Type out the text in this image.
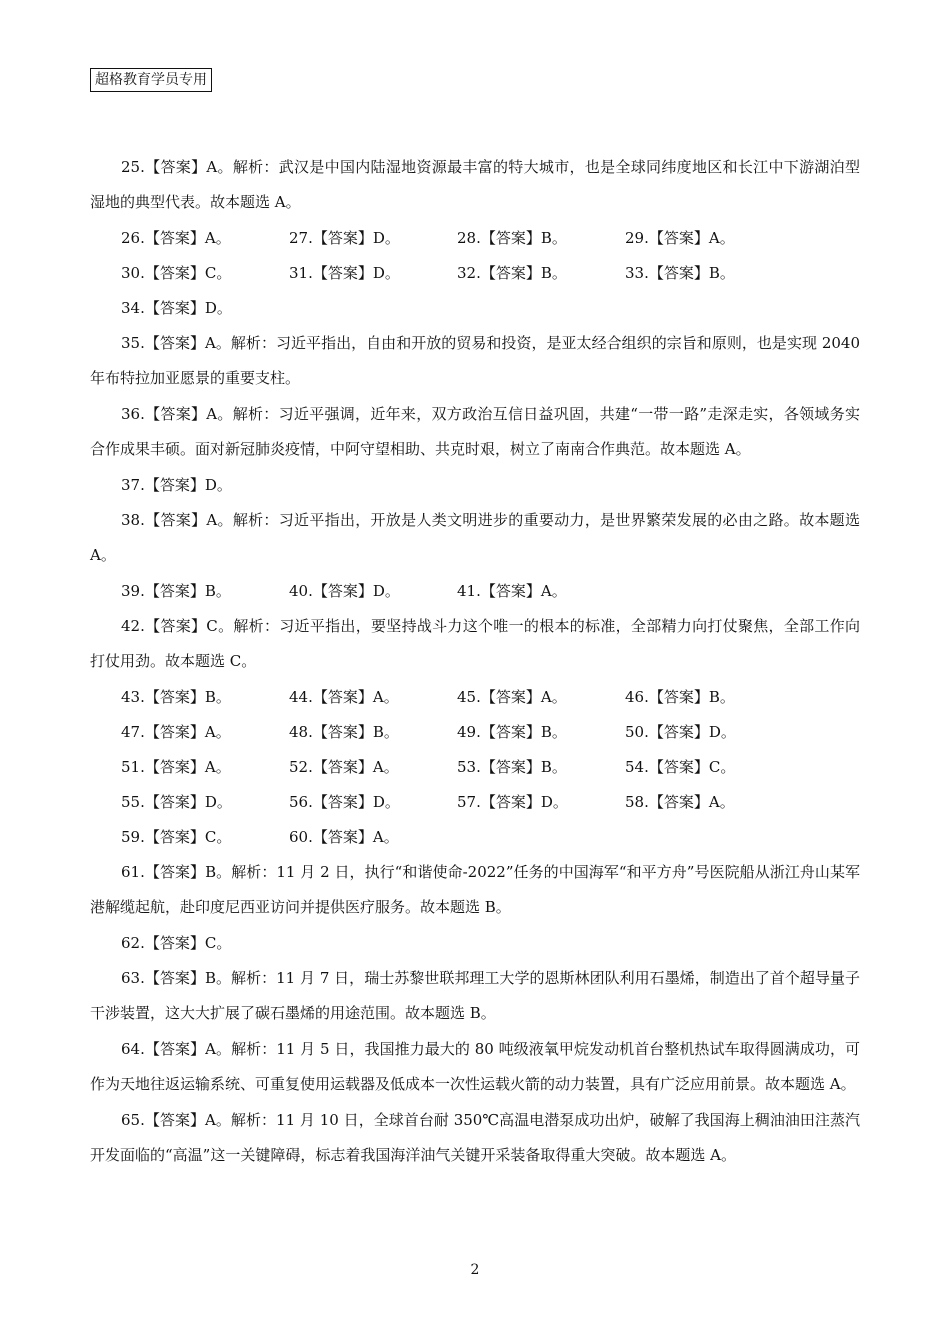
超格教育学员专用

25.【答案】A。解析：武汉是中国内陆湿地资源最丰富的特大城市，也是全球同纬度地区和长江中下游湖泊型湿地的典型代表。故本题选 A。

26.【答案】A。	27.【答案】D。	28.【答案】B。	29.【答案】A。
30.【答案】C。	31.【答案】D。	32.【答案】B。	33.【答案】B。
34.【答案】D。

35.【答案】A。解析：习近平指出，自由和开放的贸易和投资，是亚太经合组织的宗旨和原则，也是实现 2040 年布特拉加亚愿景的重要支柱。

36.【答案】A。解析：习近平强调，近年来，双方政治互信日益巩固，共建“一带一路”走深走实，各领域务实合作成果丰硕。面对新冠肺炎疫情，中阿守望相助、共克时艰，树立了南南合作典范。故本题选 A。

37.【答案】D。

38.【答案】A。解析：习近平指出，开放是人类文明进步的重要动力，是世界繁荣发展的必由之路。故本题选 A。

39.【答案】B。	40.【答案】D。	41.【答案】A。

42.【答案】C。解析：习近平指出，要坚持战斗力这个唯一的根本的标准，全部精力向打仗聚焦，全部工作向打仗用劲。故本题选 C。

43.【答案】B。	44.【答案】A。	45.【答案】A。	46.【答案】B。
47.【答案】A。	48.【答案】B。	49.【答案】B。	50.【答案】D。
51.【答案】A。	52.【答案】A。	53.【答案】B。	54.【答案】C。
55.【答案】D。	56.【答案】D。	57.【答案】D。	58.【答案】A。
59.【答案】C。	60.【答案】A。

61.【答案】B。解析：11 月 2 日，执行“和谐使命-2022”任务的中国海军“和平方舟”号医院船从浙江舟山某军港解缆起航，赴印度尼西亚访问并提供医疗服务。故本题选 B。

62.【答案】C。

63.【答案】B。解析：11 月 7 日，瑞士苏黎世联邦理工大学的恩斯林团队利用石墨烯，制造出了首个超导量子干涉装置，这大大扩展了碳石墨烯的用途范围。故本题选 B。

64.【答案】A。解析：11 月 5 日，我国推力最大的 80 吨级液氧甲烷发动机首台整机热试车取得圆满成功，可作为天地往返运输系统、可重复使用运载器及低成本一次性运载火箭的动力装置，具有广泛应用前景。故本题选 A。

65.【答案】A。解析：11 月 10 日，全球首台耐 350℃高温电潜泵成功出炉，破解了我国海上稠油油田注蒸汽开发面临的“高温”这一关键障碍，标志着我国海洋油气关键开采装备取得重大突破。故本题选 A。

2
